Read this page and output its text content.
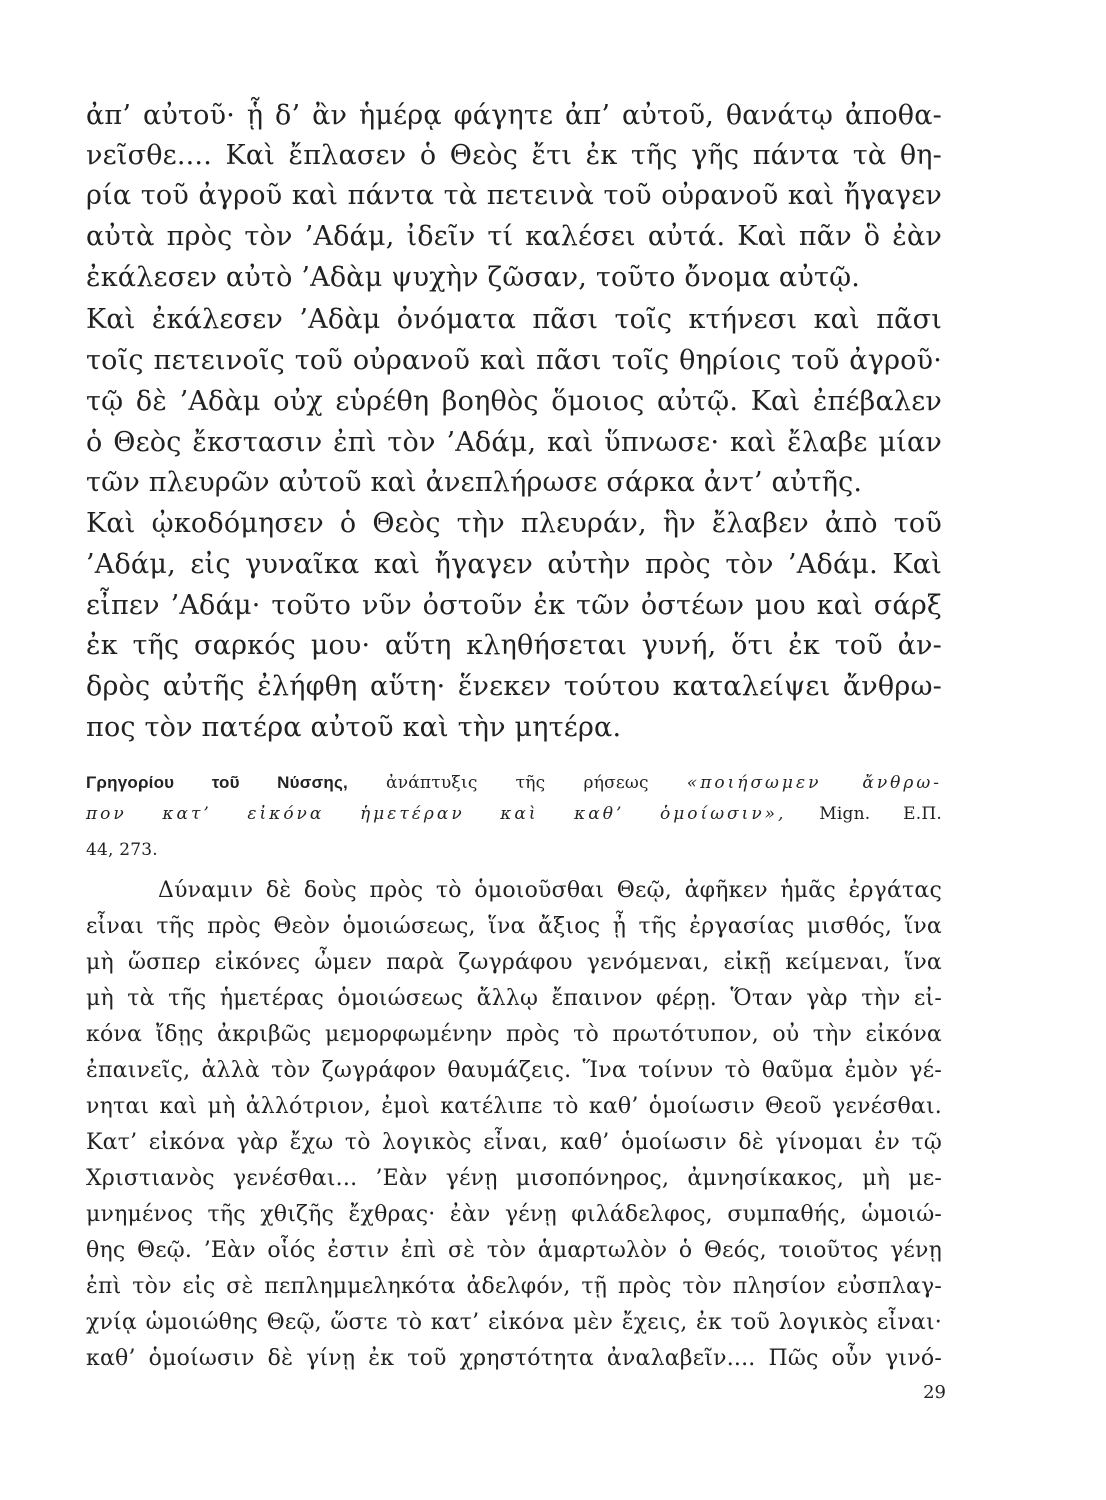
ἀπ’ αὐτοῦ· ᾗ δ’ ἂν ἡμέρᾳ φάγητε ἀπ’ αὐτοῦ, θανάτῳ ἀποθα-
νεῖσθε.... Καὶ ἔπλασεν ὁ Θεὸς ἔτι ἐκ τῆς γῆς πάντα τὰ θη-
ρία τοῦ ἀγροῦ καὶ πάντα τὰ πετεινὰ τοῦ οὐρανοῦ καὶ ἤγαγεν
αὐτὰ πρὸς τὸν ’Αδάμ, ἰδεῖν τί καλέσει αὐτά. Καὶ πᾶν ὃ ἐὰν
ἐκάλεσεν αὐτὸ ’Αδὰμ ψυχὴν ζῶσαν, τοῦτο ὄνομα αὐτῷ.
Καὶ ἐκάλεσεν ’Αδὰμ ὀνόματα πᾶσι τοῖς κτήνεσι καὶ πᾶσι
τοῖς πετεινοῖς τοῦ οὐρανοῦ καὶ πᾶσι τοῖς θηρίοις τοῦ ἀγροῦ·
τῷ δὲ ’Αδὰμ οὐχ εὑρέθη βοηθὸς ὅμοιος αὐτῷ. Καὶ ἐπέβαλεν
ὁ Θεὸς ἔκστασιν ἐπὶ τὸν ’Αδάμ, καὶ ὕπνωσε· καὶ ἔλαβε μίαν
τῶν πλευρῶν αὐτοῦ καὶ ἀνεπλήρωσε σάρκα ἀντ’ αὐτῆς.
Καὶ ᾠκοδόμησεν ὁ Θεὸς τὴν πλευράν, ἣν ἔλαβεν ἀπὸ τοῦ
’Αδάμ, εἰς γυναῖκα καὶ ἤγαγεν αὐτὴν πρὸς τὸν ’Αδάμ. Καὶ
εἶπεν ’Αδάμ· τοῦτο νῦν ὀστοῦν ἐκ τῶν ὀστέων μου καὶ σάρξ
ἐκ τῆς σαρκός μου· αὕτη κληθήσεται γυνή, ὅτι ἐκ τοῦ ἀν-
δρὸς αὐτῆς ἐλήφθη αὕτη· ἕνεκεν τούτου καταλείψει ἄνθρω-
πος τὸν πατέρα αὐτοῦ καὶ τὴν μητέρα.
Γρηγορίου τοῦ Νύσσης, ἀνάπτυξις τῆς ρήσεως «ποιήσωμεν ἄνθρω-
πον κατ’ εἰκόνα ἡμετέραν καὶ καθ’ ὁμοίωσιν», Mign. Ε.Π.
44, 273.
Δύναμιν δὲ δοὺς πρὸς τὸ ὁμοιοῦσθαι Θεῷ, ἀφῆκεν ἡμᾶς ἐργάτας
εἶναι τῆς πρὸς Θεὸν ὁμοιώσεως, ἵνα ἄξιος ᾖ τῆς ἐργασίας μισθός, ἵνα
μὴ ὥσπερ εἰκόνες ὦμεν παρὰ ζωγράφου γενόμεναι, εἰκῇ κείμεναι, ἵνα
μὴ τὰ τῆς ἡμετέρας ὁμοιώσεως ἄλλῳ ἔπαινον φέρῃ. Ὅταν γὰρ τὴν εἰ-
κόνα ἴδῃς ἀκριβῶς μεμορφωμένην πρὸς τὸ πρωτότυπον, οὐ τὴν εἰκόνα
ἐπαινεῖς, ἀλλὰ τὸν ζωγράφον θαυμάζεις. Ἵνα τοίνυν τὸ θαῦμα ἐμὸν γέ-
νηται καὶ μὴ ἀλλότριον, ἐμοὶ κατέλιπε τὸ καθ’ ὁμοίωσιν Θεοῦ γενέσθαι.
Κατ’ εἰκόνα γὰρ ἔχω τὸ λογικὸς εἶναι, καθ’ ὁμοίωσιν δὲ γίνομαι ἐν τῷ
Χριστιανὸς γενέσθαι... ’Εὰν γένῃ μισοπόνηρος, ἀμνησίκακος, μὴ με-
μνημένος τῆς χθιζῆς ἔχθρας· ἐὰν γένῃ φιλάδελφος, συμπαθής, ὡμοιώ-
θης Θεῷ. ’Εὰν οἷός ἐστιν ἐπὶ σὲ τὸν ἁμαρτωλὸν ὁ Θεός, τοιοῦτος γένῃ
ἐπὶ τὸν εἰς σὲ πεπλημμεληκότα ἀδελφόν, τῇ πρὸς τὸν πλησίον εὐσπλαγ-
χνίᾳ ὡμοιώθης Θεῷ, ὥστε τὸ κατ’ εἰκόνα μὲν ἔχεις, ἐκ τοῦ λογικὸς εἶναι·
καθ’ ὁμοίωσιν δὲ γίνῃ ἐκ τοῦ χρηστότητα ἀναλαβεῖν.... Πῶς οὖν γινό-
29
